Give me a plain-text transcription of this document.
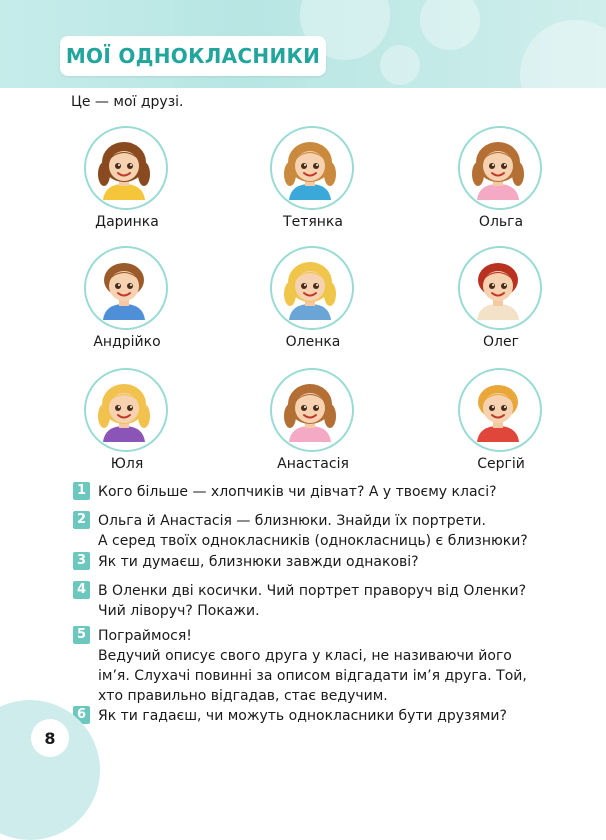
МОЇ ОДНОКЛАСНИКИ
Це — мої друзі.
Даринка	Тетянка	Ольга
Андрійко	Оленка	Олег
Юля	Анастасія	Сергій
1 Кого більше — хлопчиків чи дівчат? А у твоєму класі?
2 Ольга й Анастасія — близнюки. Знайди їх портрети.
А серед твоїх однокласників (однокласниць) є близнюки?
3 Як ти думаєш, близнюки завжди однакові?
4 В Оленки дві косички. Чий портрет праворуч від Оленки?
Чий ліворуч? Покажи.
5 Пограймося!
Ведучий описує свого друга у класі, не називаючи його
ім’я. Слухачі повинні за описом відгадати ім’я друга. Той,
хто правильно відгадав, стає ведучим.
6 Як ти гадаєш, чи можуть однокласники бути друзями?
8
